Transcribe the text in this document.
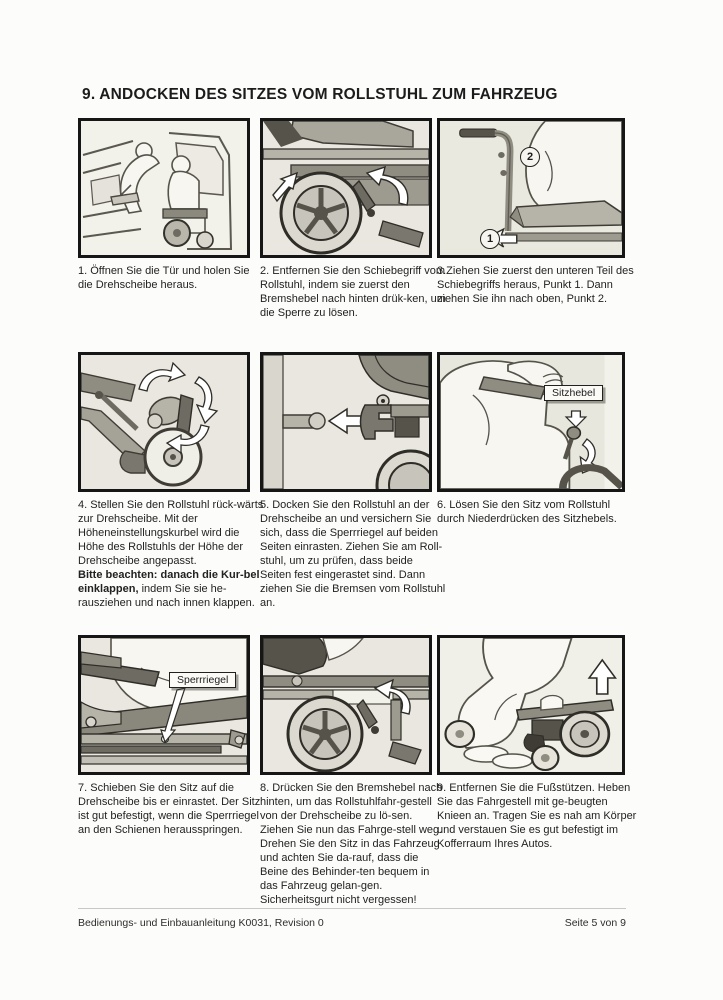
9. ANDOCKEN DES SITZES VOM ROLLSTUHL ZUM FAHRZEUG
1. Öffnen Sie die Tür und holen Sie die Drehscheibe heraus.
2. Entfernen Sie den Schiebegriff vom Rollstuhl, indem sie zuerst den Bremshebel nach hinten drük-ken, um die Sperre zu lösen.
2
1
3.Ziehen Sie zuerst den unteren Teil des Schiebegriffs heraus, Punkt 1. Dann ziehen Sie ihn nach oben, Punkt 2.
4. Stellen Sie den Rollstuhl rück-wärts zur Drehscheibe. Mit der Höheneinstellungskurbel wird die Höhe des Rollstuhls der Höhe der Drehscheibe angepasst.
Bitte beachten: danach die Kur-bel einklappen, indem Sie sie he-rausziehen und nach innen klappen.
5. Docken Sie den Rollstuhl an der Drehscheibe an und versichern Sie sich, dass die Sperrriegel auf beiden Seiten einrasten. Ziehen Sie am Roll-stuhl, um zu prüfen, dass beide Seiten fest eingerastet sind. Dann ziehen Sie die Bremsen vom Rollstuhl an.
Sitzhebel
6. Lösen Sie den Sitz vom Rollstuhl durch Niederdrücken des Sitzhebels.
Sperrriegel
7. Schieben Sie den Sitz auf die Drehscheibe bis er einrastet. Der Sitz ist gut befestigt, wenn die Sperrriegel an den Schienen herausspringen.
8. Drücken Sie den Bremshebel nach hinten, um das Rollstuhlfahr-gestell von der Drehscheibe zu lö-sen. Ziehen Sie nun das Fahrge-stell weg. Drehen Sie den Sitz in das Fahrzeug und achten Sie da-rauf, dass die Beine des Behinder-ten bequem in das Fahrzeug gelan-gen. Sicherheitsgurt nicht vergessen!
9. Entfernen Sie die Fußstützen. Heben Sie das Fahrgestell mit ge-beugten Knieen an. Tragen Sie es nah am Körper und verstauen Sie es gut befestigt im Kofferraum Ihres Autos.
Bedienungs- und Einbauanleitung K0031, Revision 0	Seite 5 von 9
